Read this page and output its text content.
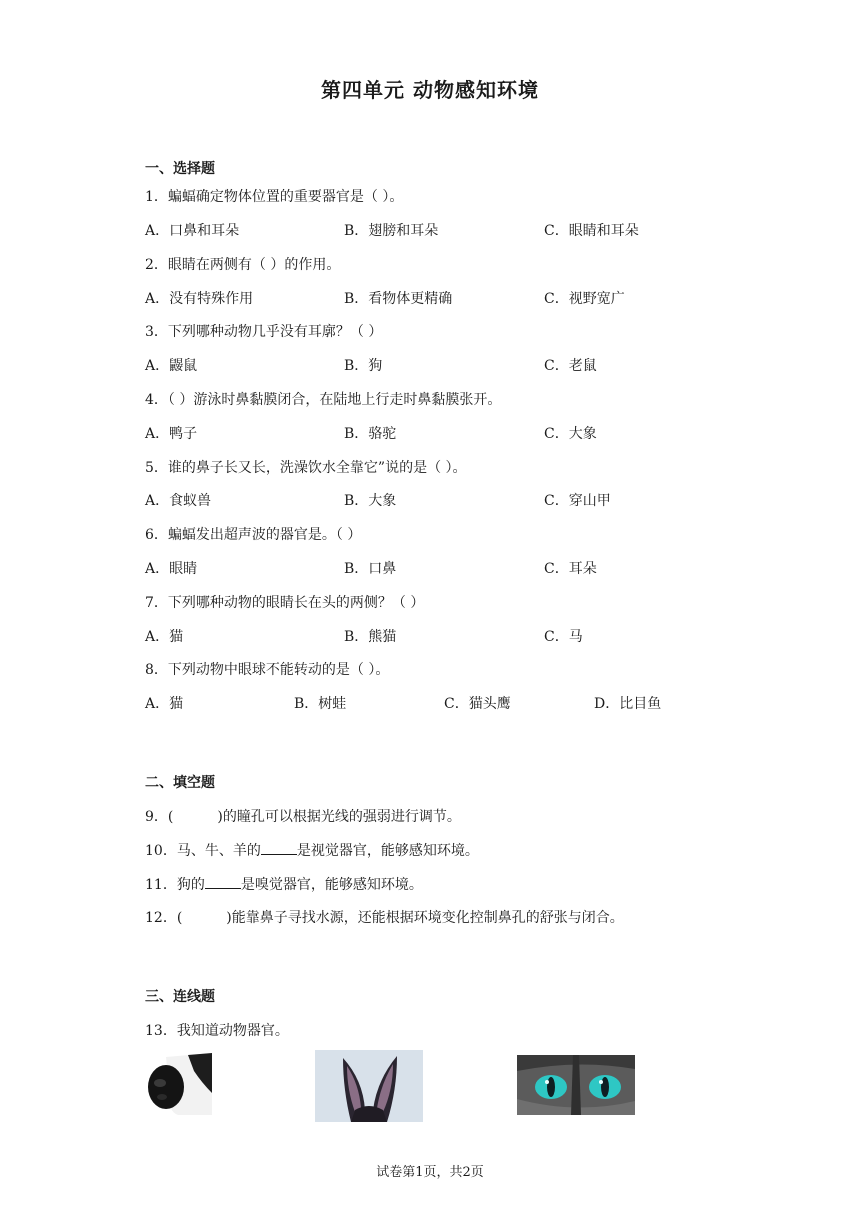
第四单元 动物感知环境
一、选择题
1．蝙蝠确定物体位置的重要器官是（ ）。
A．口鼻和耳朵	B．翅膀和耳朵	C．眼睛和耳朵
2．眼睛在两侧有（ ）的作用。
A．没有特殊作用	B．看物体更精确	C．视野宽广
3．下列哪种动物几乎没有耳廓？（ ）
A．鼹鼠	B．狗	C．老鼠
4．（ ）游泳时鼻黏膜闭合，在陆地上行走时鼻黏膜张开。
A．鸭子	B．骆驼	C．大象
5．谁的鼻子长又长，洗澡饮水全靠它”说的是（ ）。
A．食蚁兽	B．大象	C．穿山甲
6．蝙蝠发出超声波的器官是。（ ）
A．眼睛	B．口鼻	C．耳朵
7．下列哪种动物的眼睛长在头的两侧？（ ）
A．猫	B．熊猫	C．马
8．下列动物中眼球不能转动的是（ ）。
A．猫	B．树蛙	C．猫头鹰	D．比目鱼
二、填空题
9．(	)的瞳孔可以根据光线的强弱进行调节。
10．马、牛、羊的	是视觉器官，能够感知环境。
11．狗的	是嗅觉器官，能够感知环境。
12．(	)能靠鼻子寻找水源，还能根据环境变化控制鼻孔的舒张与闭合。
三、连线题
13．我知道动物器官。
试卷第1页，共2页
